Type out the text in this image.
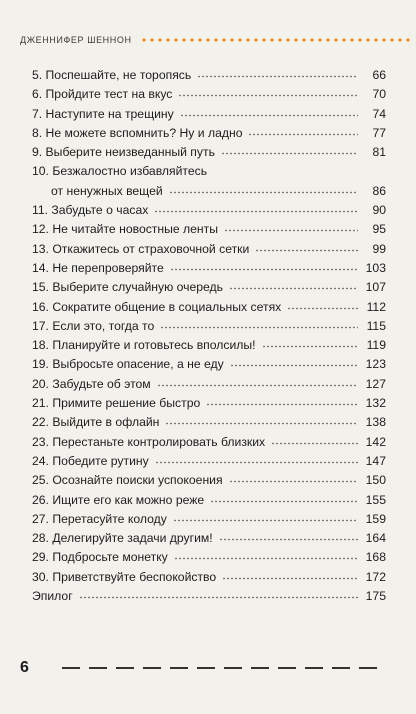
ДЖЕННИФЕР ШЕННОН
5. Поспешайте, не торопясь	66
6. Пройдите тест на вкус	70
7. Наступите на трещину	74
8. Не можете вспомнить? Ну и ладно	77
9. Выберите неизведанный путь	81
10. Безжалостно избавляйтесь
от ненужных вещей	86
11. Забудьте о часах	90
12. Не читайте новостные ленты	95
13. Откажитесь от страховочной сетки	99
14. Не перепроверяйте	103
15. Выберите случайную очередь	107
16. Сократите общение в социальных сетях	112
17. Если это, тогда то	115
18. Планируйте и готовьтесь вполсилы!	119
19. Выбросьте опасение, а не еду	123
20. Забудьте об этом	127
21. Примите решение быстро	132
22. Выйдите в офлайн	138
23. Перестаньте контролировать близких	142
24. Победите рутину	147
25. Осознайте поиски успокоения	150
26. Ищите его как можно реже	155
27. Перетасуйте колоду	159
28. Делегируйте задачи другим!	164
29. Подбросьте монетку	168
30. Приветствуйте беспокойство	172
Эпилог	175
6
